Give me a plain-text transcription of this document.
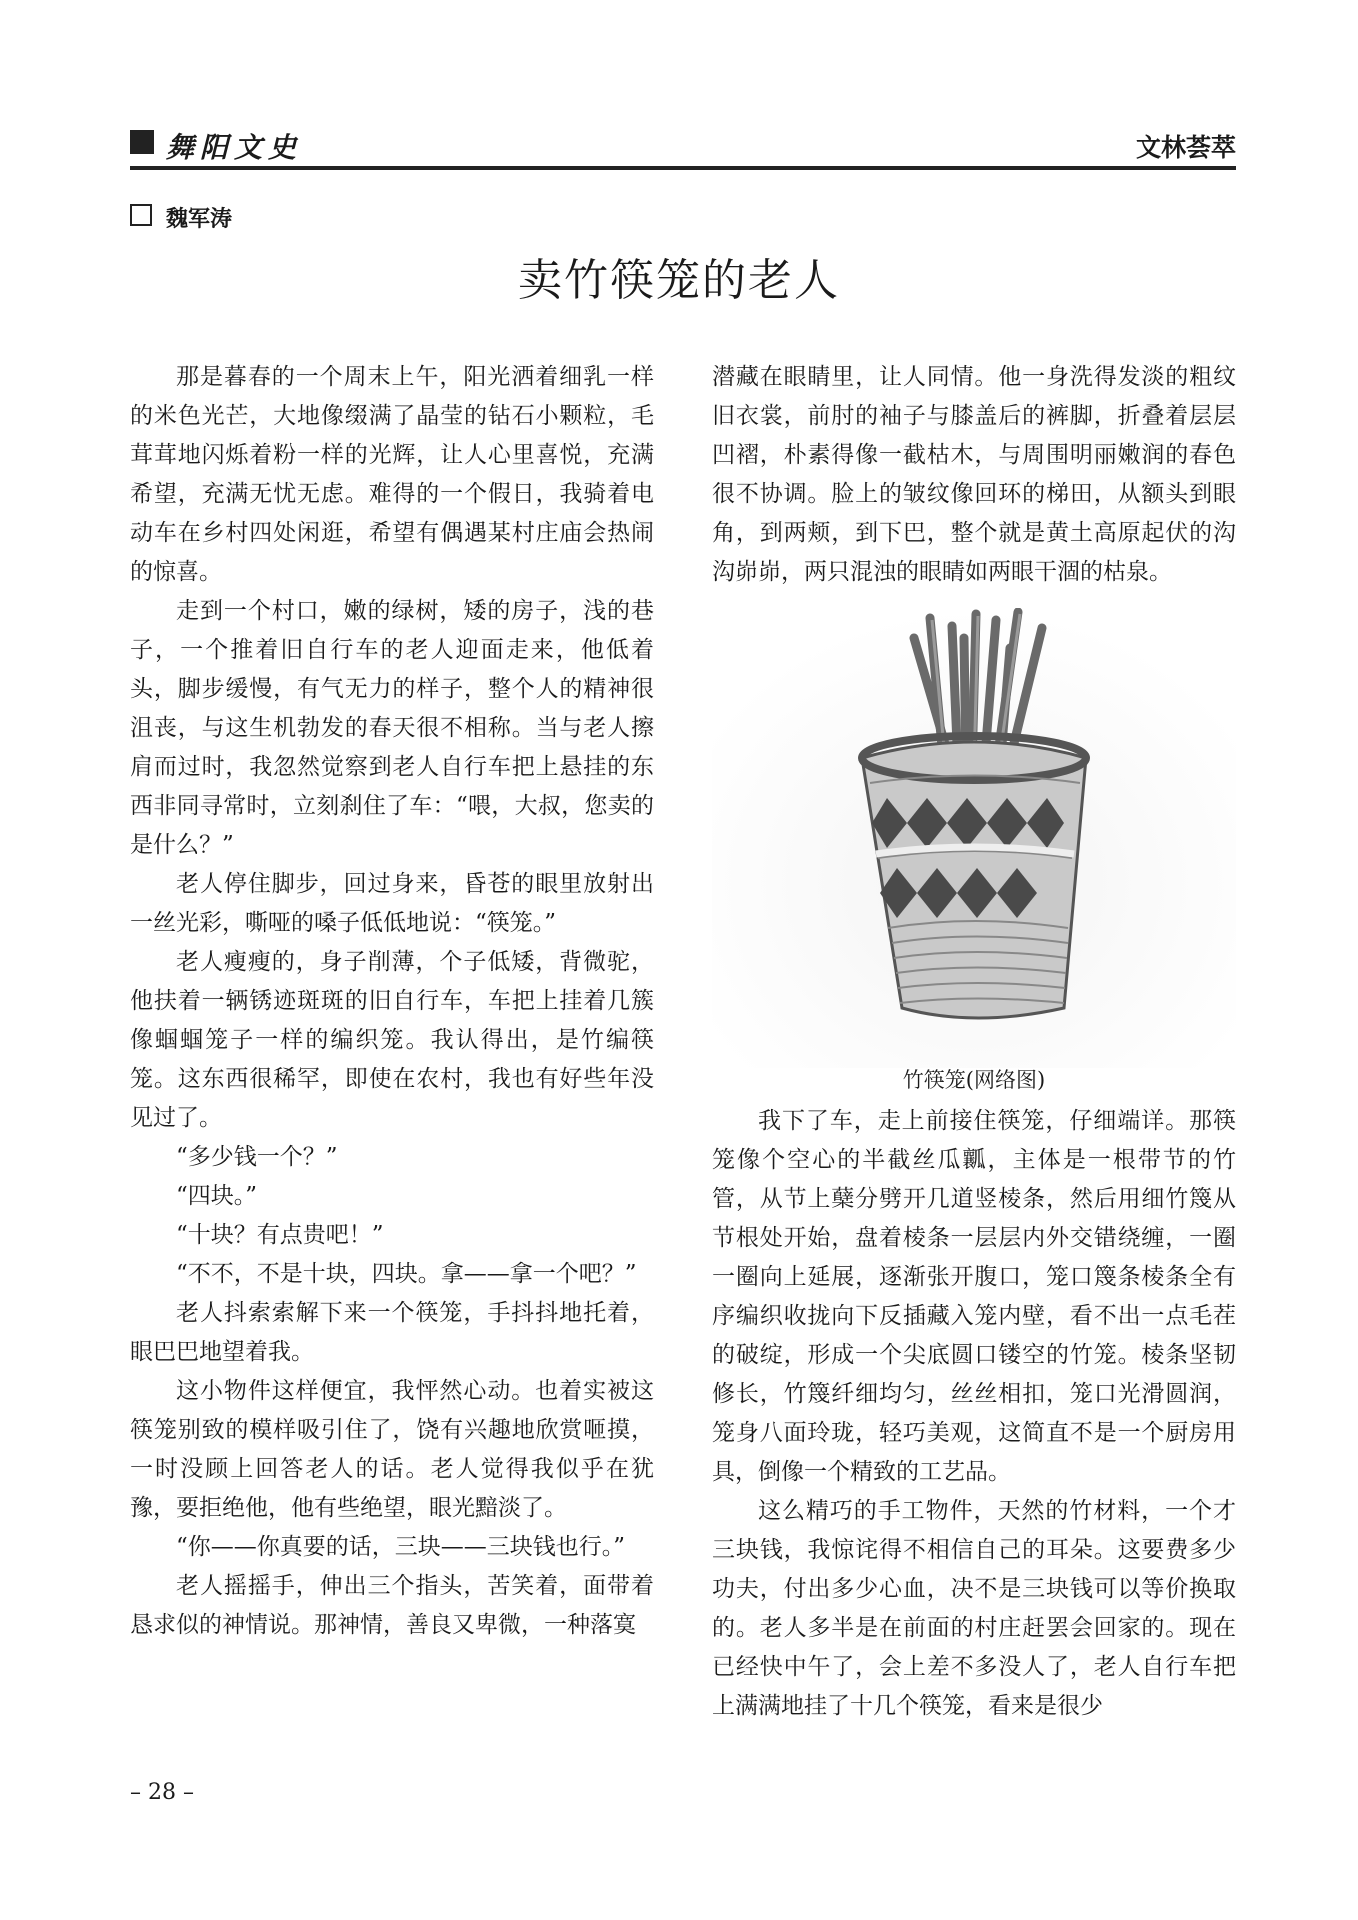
舞阳文史	文林荟萃
魏军涛
卖竹筷笼的老人

那是暮春的一个周末上午，阳光洒着细乳一样的米色光芒，大地像缀满了晶莹的钻石小颗粒，毛茸茸地闪烁着粉一样的光辉，让人心里喜悦，充满希望，充满无忧无虑。难得的一个假日，我骑着电动车在乡村四处闲逛，希望有偶遇某村庄庙会热闹的惊喜。

走到一个村口，嫩的绿树，矮的房子，浅的巷子，一个推着旧自行车的老人迎面走来，他低着头，脚步缓慢，有气无力的样子，整个人的精神很沮丧，与这生机勃发的春天很不相称。当与老人擦肩而过时，我忽然觉察到老人自行车把上悬挂的东西非同寻常时，立刻刹住了车：“喂，大叔，您卖的是什么？”

老人停住脚步，回过身来，昏苍的眼里放射出一丝光彩，嘶哑的嗓子低低地说：“筷笼。”

老人瘦瘦的，身子削薄，个子低矮，背微驼，他扶着一辆锈迹斑斑的旧自行车，车把上挂着几簇像蝈蝈笼子一样的编织笼。我认得出，是竹编筷笼。这东西很稀罕，即使在农村，我也有好些年没见过了。

“多少钱一个？”

“四块。”

“十块？有点贵吧！”

“不不，不是十块，四块。拿——拿一个吧？”

老人抖索索解下来一个筷笼，手抖抖地托着，眼巴巴地望着我。

这小物件这样便宜，我怦然心动。也着实被这筷笼别致的模样吸引住了，饶有兴趣地欣赏咂摸，一时没顾上回答老人的话。老人觉得我似乎在犹豫，要拒绝他，他有些绝望，眼光黯淡了。

“你——你真要的话，三块——三块钱也行。”

老人摇摇手，伸出三个指头，苦笑着，面带着恳求似的神情说。那神情，善良又卑微，一种落寞

潜藏在眼睛里，让人同情。他一身洗得发淡的粗纹旧衣裳，前肘的袖子与膝盖后的裤脚，折叠着层层凹褶，朴素得像一截枯木，与周围明丽嫩润的春色很不协调。脸上的皱纹像回环的梯田，从额头到眼角，到两颊，到下巴，整个就是黄土高原起伏的沟沟峁峁，两只混浊的眼睛如两眼干涸的枯泉。

竹筷笼(网络图)

我下了车，走上前接住筷笼，仔细端详。那筷笼像个空心的半截丝瓜瓤，主体是一根带节的竹管，从节上蘖分劈开几道竖棱条，然后用细竹篾从节根处开始，盘着棱条一层层内外交错绕缠，一圈一圈向上延展，逐渐张开腹口，笼口篾条棱条全有序编织收拢向下反插藏入笼内壁，看不出一点毛茬的破绽，形成一个尖底圆口镂空的竹笼。棱条坚韧修长，竹篾纤细均匀，丝丝相扣，笼口光滑圆润，笼身八面玲珑，轻巧美观，这简直不是一个厨房用具，倒像一个精致的工艺品。

这么精巧的手工物件，天然的竹材料，一个才三块钱，我惊诧得不相信自己的耳朵。这要费多少功夫，付出多少心血，决不是三块钱可以等价换取的。老人多半是在前面的村庄赶罢会回家的。现在已经快中午了，会上差不多没人了，老人自行车把上满满地挂了十几个筷笼，看来是很少

– 28 –
